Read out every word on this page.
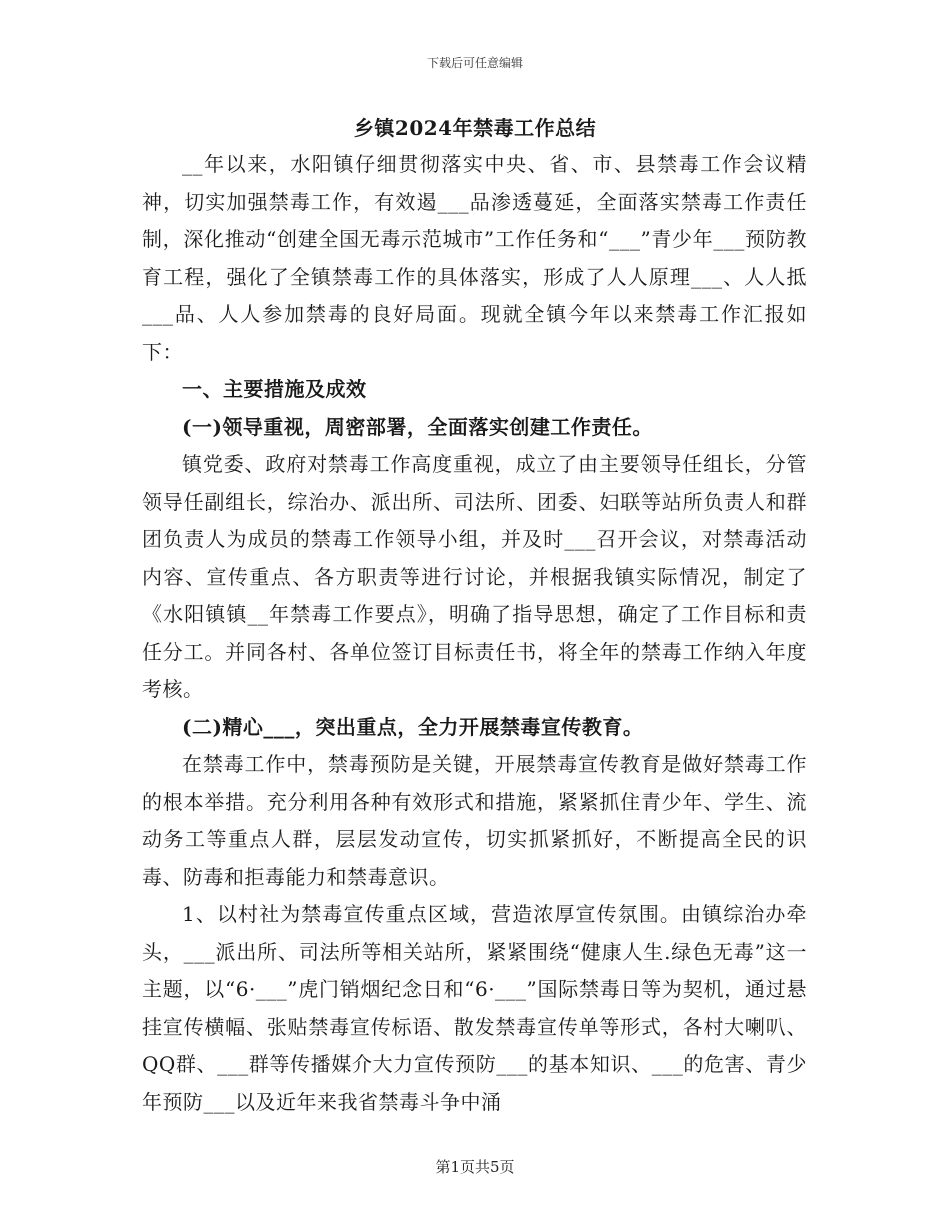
下载后可任意编辑
乡镇2024年禁毒工作总结

__年以来，水阳镇仔细贯彻落实中央、省、市、县禁毒工作会议精神，切实加强禁毒工作，有效遏___品渗透蔓延，全面落实禁毒工作责任制，深化推动“创建全国无毒示范城市”工作任务和“___”青少年___预防教育工程，强化了全镇禁毒工作的具体落实，形成了人人原理___、人人抵___品、人人参加禁毒的良好局面。现就全镇今年以来禁毒工作汇报如下：

一、主要措施及成效

(一)领导重视，周密部署，全面落实创建工作责任。

镇党委、政府对禁毒工作高度重视，成立了由主要领导任组长，分管领导任副组长，综治办、派出所、司法所、团委、妇联等站所负责人和群团负责人为成员的禁毒工作领导小组，并及时___召开会议，对禁毒活动内容、宣传重点、各方职责等进行讨论，并根据我镇实际情况，制定了《水阳镇镇__年禁毒工作要点》，明确了指导思想，确定了工作目标和责任分工。并同各村、各单位签订目标责任书，将全年的禁毒工作纳入年度考核。

(二)精心___，突出重点，全力开展禁毒宣传教育。

在禁毒工作中，禁毒预防是关键，开展禁毒宣传教育是做好禁毒工作的根本举措。充分利用各种有效形式和措施，紧紧抓住青少年、学生、流动务工等重点人群，层层发动宣传，切实抓紧抓好，不断提高全民的识毒、防毒和拒毒能力和禁毒意识。

1、以村社为禁毒宣传重点区域，营造浓厚宣传氛围。由镇综治办牵头，___派出所、司法所等相关站所，紧紧围绕“健康人生.绿色无毒”这一主题，以“6·___”虎门销烟纪念日和“6·___”国际禁毒日等为契机，通过悬挂宣传横幅、张贴禁毒宣传标语、散发禁毒宣传单等形式，各村大喇叭、QQ群、___群等传播媒介大力宣传预防___的基本知识、___的危害、青少年预防___以及近年来我省禁毒斗争中涌

第1页共5页
